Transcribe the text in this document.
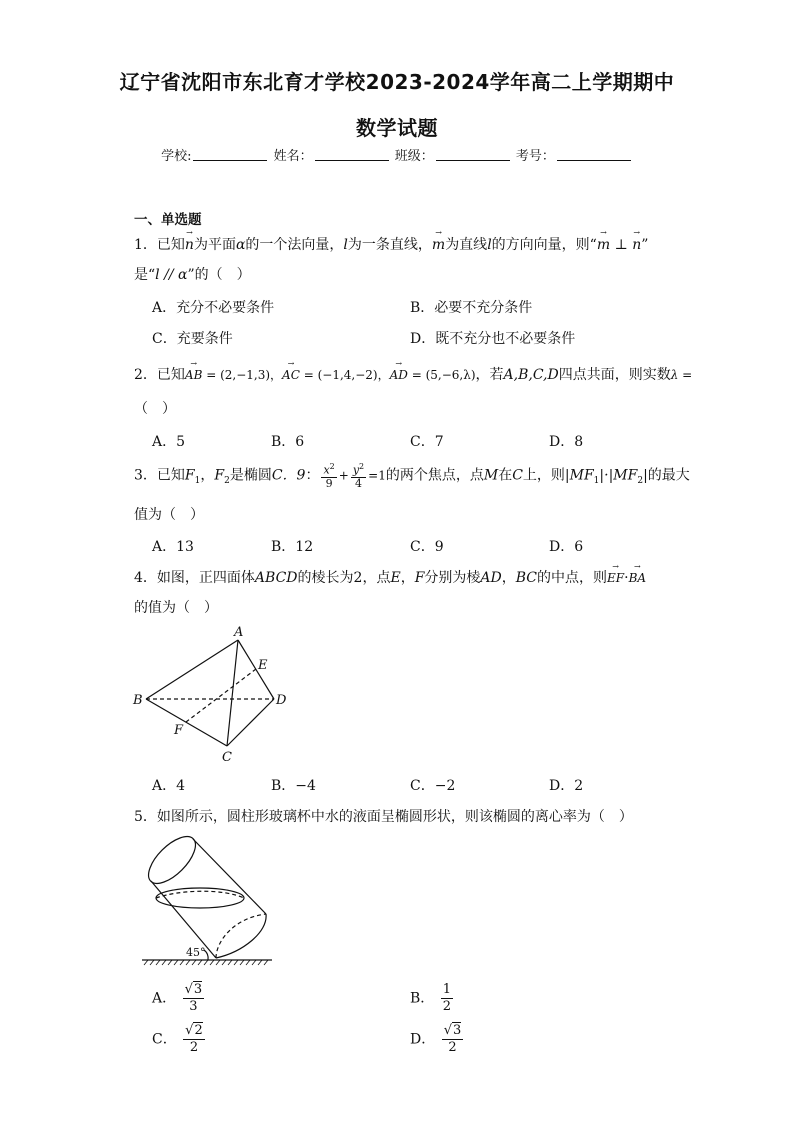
辽宁省沈阳市东北育才学校2023-2024学年高二上学期期中
数学试题
学校:	姓名：	班级：	考号：
一、单选题
1．已知→ n为平面α的一个法向量，l为一条直线，→ m为直线l的方向向量，则“→ m ⊥ → n”
是“l // α”的（　）
A．充分不必要条件	B．必要不充分条件
C．充要条件	D．既不充分也不必要条件
2．已知→ AB = (2,−1,3)，→ AC = (−1,4,−2)，→ AD = (5,−6,λ)，若A,B,C,D四点共面，则实数λ =
（　）
A．5	B．6	C．7	D．8
3．已知$F_1$，$F_2$是椭圆C．9： $\frac{x^2}{9} + \frac{y^2}{4} =1$的两个焦点，点M在C上，则$|MF_1|\cdot|MF_2|$的最大
值为（　）
A．13	B．12	C．9	D．6
4．如图，正四面体ABCD的棱长为2，点E，F分别为棱AD，BC的中点，则→ EF·→ BA
的值为（　）
A
B
C
D
E
F
A．4	B．−4	C．−2	D．2
5．如图所示，圆柱形玻璃杯中水的液面呈椭圆形状，则该椭圆的离心率为（　）
45°
A． $\frac{√3}{3}$	B． $\frac{1}{2}$
C． $\frac{√2}{2}$	D． $\frac{√3}{2}$
